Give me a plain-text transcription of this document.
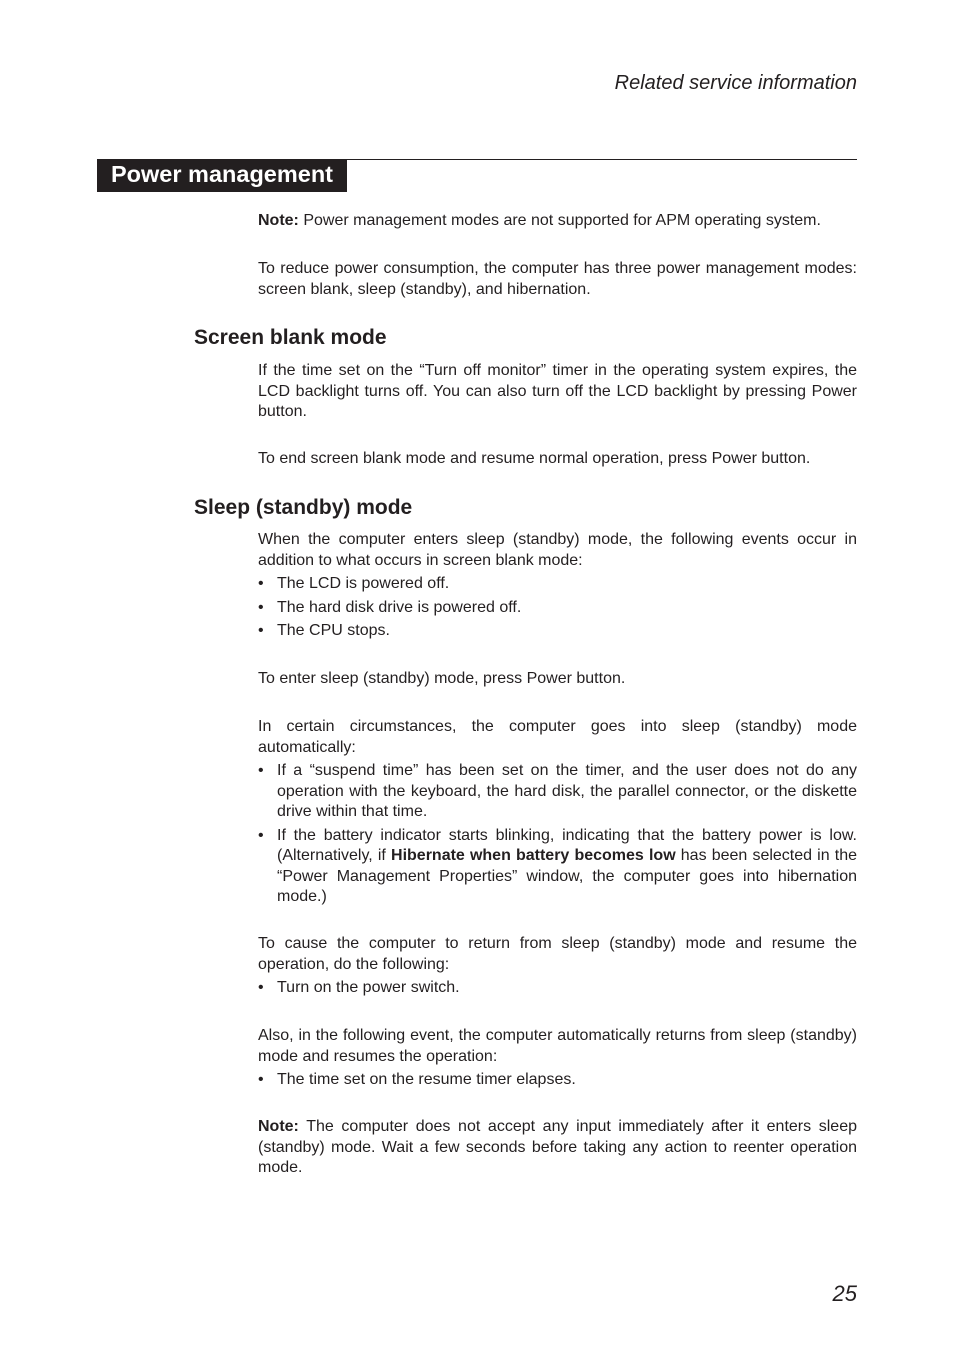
Related service information
Power management

Note: Power management modes are not supported for APM operating system.

To reduce power consumption, the computer has three power management modes: screen blank, sleep (standby), and hibernation.

Screen blank mode

If the time set on the “Turn off monitor” timer in the operating system expires, the LCD backlight turns off. You can also turn off the LCD backlight by pressing Power button.

To end screen blank mode and resume normal operation, press Power button.

Sleep (standby) mode

When the computer enters sleep (standby) mode, the following events occur in addition to what occurs in screen blank mode:

• The LCD is powered off.
• The hard disk drive is powered off.
• The CPU stops.

To enter sleep (standby) mode, press Power button.

In certain circumstances, the computer goes into sleep (standby) mode automatically:

• If a “suspend time” has been set on the timer, and the user does not do any operation with the keyboard, the hard disk, the parallel connector, or the diskette drive within that time.
• If the battery indicator starts blinking, indicating that the battery power is low. (Alternatively, if Hibernate when battery becomes low has been selected in the “Power Management Properties” window, the computer goes into hibernation mode.)

To cause the computer to return from sleep (standby) mode and resume the operation, do the following:

• Turn on the power switch.

Also, in the following event, the computer automatically returns from sleep (standby) mode and resumes the operation:

• The time set on the resume timer elapses.

Note: The computer does not accept any input immediately after it enters sleep (standby) mode. Wait a few seconds before taking any action to reenter operation mode.

25
